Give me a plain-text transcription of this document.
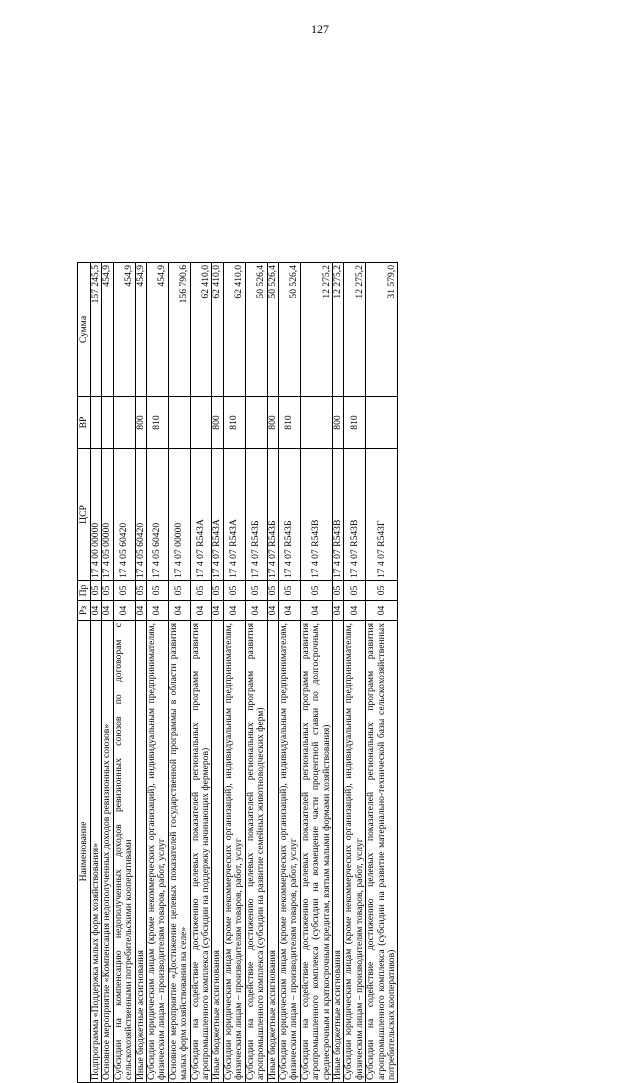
127
Наименование	Рз	Пр	ЦСР	ВР	Сумма
Подпрограмма «Поддержка малых форм хозяйствования»	04	05	17 4 00 00000		157 245,5
Основное мероприятие «Компенсация недополученных доходов ревизионных союзов»	04	05	17 4 05 00000		454,9
Субсидии на компенсацию недополученных доходов ревизионных союзов по договорам с сельскохозяйственными потребительскими кооперативами	04	05	17 4 05 60420		454,9
Иные бюджетные ассигнования	04	05	17 4 05 60420	800	454,9
Субсидии юридическим лицам (кроме некоммерческих организаций), индивидуальным предпринимателям, физическим лицам – производителям товаров, работ, услуг	04	05	17 4 05 60420	810	454,9
Основное мероприятие «Достижение целевых показателей государственной программы в области развития малых форм хозяйствования на селе»	04	05	17 4 07 00000		156 790,6
Субсидии на содействие достижению целевых показателей региональных программ развития агропромышленного комплекса (субсидии на поддержку начинающих фермеров)	04	05	17 4 07 R543А		62 410,0
Иные бюджетные ассигнования	04	05	17 4 07 R543А	800	62 410,0
Субсидии юридическим лицам (кроме некоммерческих организаций), индивидуальным предпринимателям, физическим лицам – производителям товаров, работ, услуг	04	05	17 4 07 R543А	810	62 410,0
Субсидии на содействие достижению целевых показателей региональных программ развития агропромышленного комплекса (субсидии на развитие семейных животноводческих ферм)	04	05	17 4 07 R543Б		50 526,4
Иные бюджетные ассигнования	04	05	17 4 07 R543Б	800	50 526,4
Субсидии юридическим лицам (кроме некоммерческих организаций), индивидуальным предпринимателям, физическим лицам – производителям товаров, работ, услуг	04	05	17 4 07 R543Б	810	50 526,4
Субсидии на содействие достижению целевых показателей региональных программ развития агропромышленного комплекса (субсидии на возмещение части процентной ставки по долгосрочным, среднесрочным и краткосрочным кредитам, взятым малыми формами хозяйствования)	04	05	17 4 07 R543В		12 275,2
Иные бюджетные ассигнования	04	05	17 4 07 R543В	800	12 275,2
Субсидии юридическим лицам (кроме некоммерческих организаций), индивидуальным предпринимателям, физическим лицам – производителям товаров, работ, услуг	04	05	17 4 07 R543В	810	12 275,2
Субсидии на содействие достижению целевых показателей региональных программ развития агропромышленного комплекса (субсидии на развитие материально-технической базы сельскохозяйственных потребительских кооперативов)	04	05	17 4 07 R543Г		31 579,0
